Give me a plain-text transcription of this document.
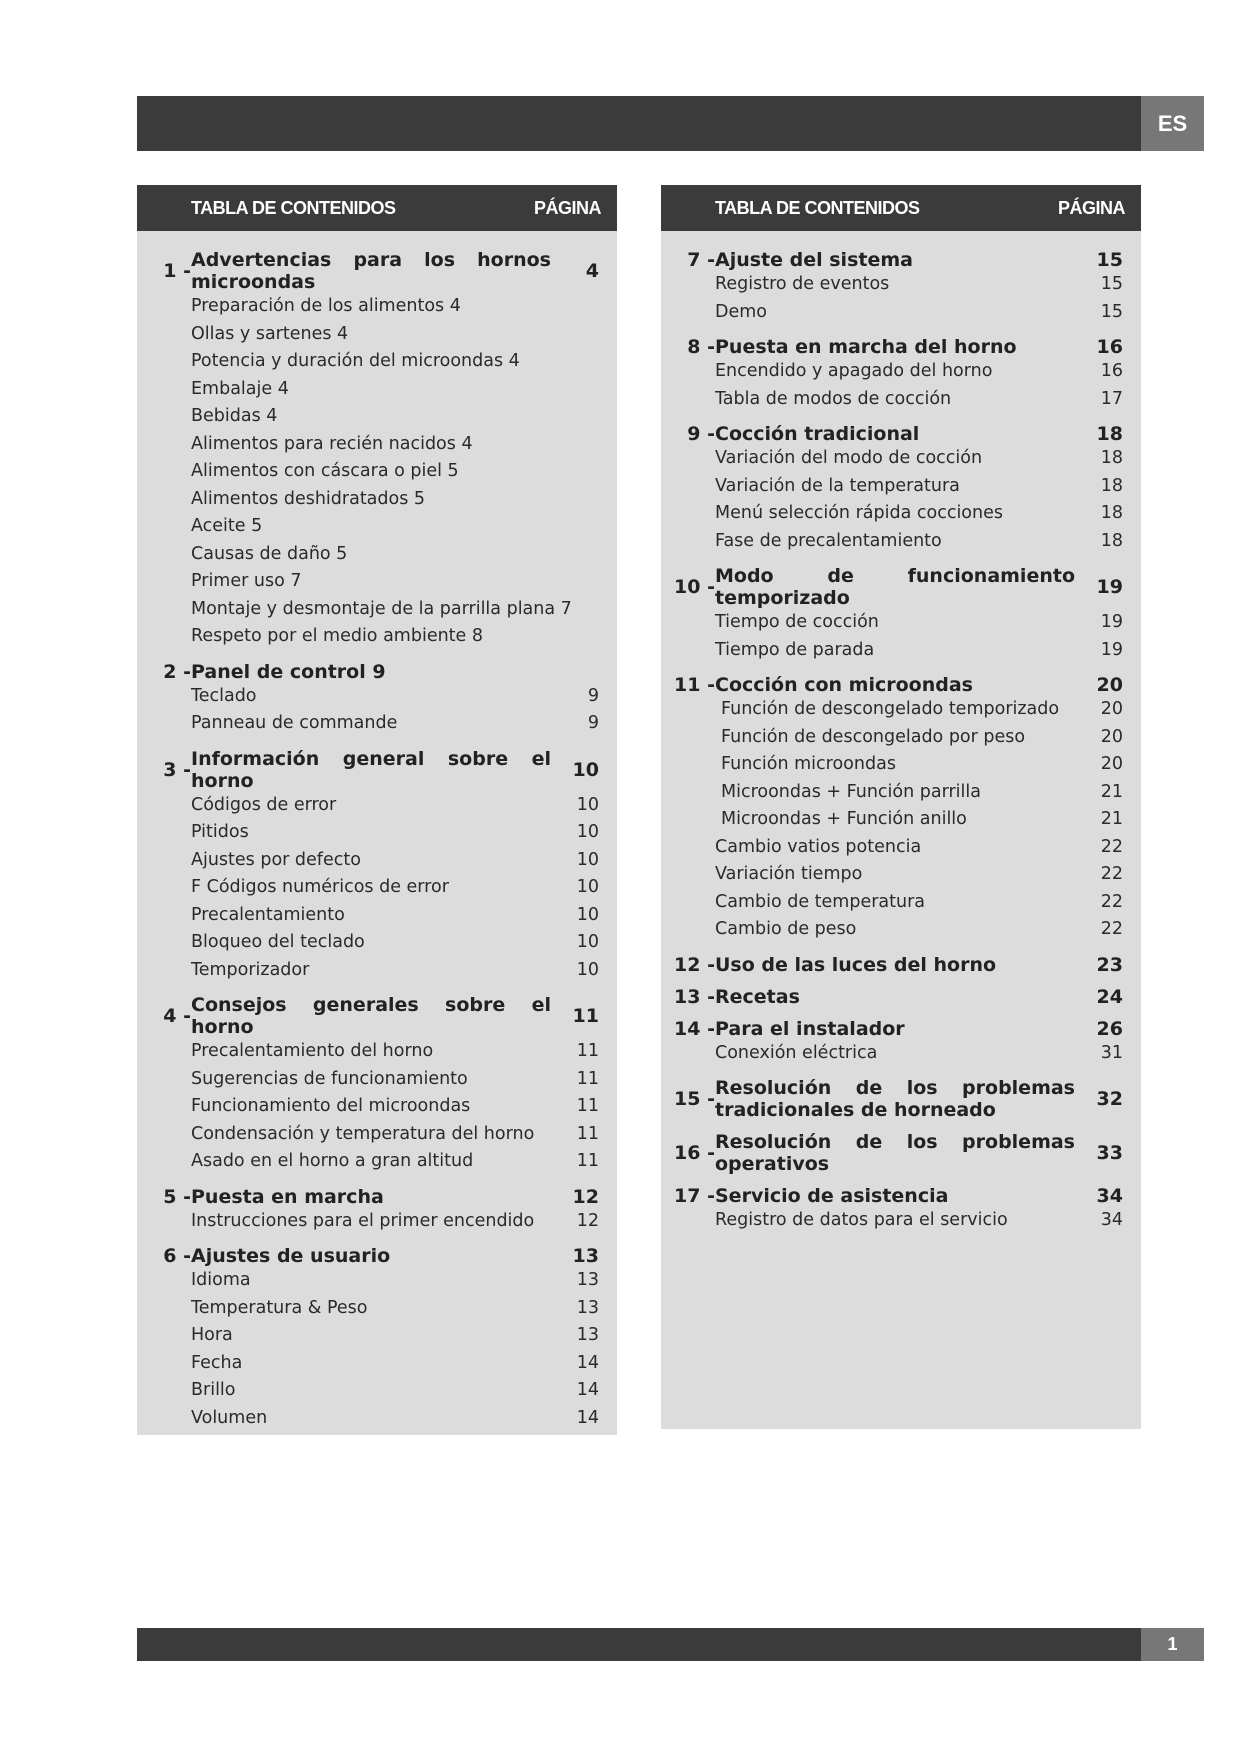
ES
TABLA DE CONTENIDOS	PÁGINA
1 - Advertencias para los hornos microondas	4
Preparación de los alimentos 4
Ollas y sartenes 4
Potencia y duración del microondas 4
Embalaje 4
Bebidas 4
Alimentos para recién nacidos 4
Alimentos con cáscara o piel 5
Alimentos deshidratados 5
Aceite 5
Causas de daño 5
Primer uso 7
Montaje y desmontaje de la parrilla plana 7
Respeto por el medio ambiente 8
2 - Panel de control 9
Teclado	9
Panneau de commande	9
3 - Información general sobre el horno	10
Códigos de error	10
Pitidos	10
Ajustes por defecto	10
F Códigos numéricos de error	10
Precalentamiento	10
Bloqueo del teclado	10
Temporizador	10
4 - Consejos generales sobre el horno	11
Precalentamiento del horno	11
Sugerencias de funcionamiento	11
Funcionamiento del microondas	11
Condensación y temperatura del horno	11
Asado en el horno a gran altitud	11
5 - Puesta en marcha	12
Instrucciones para el primer encendido	12
6 - Ajustes de usuario	13
Idioma	13
Temperatura & Peso	13
Hora	13
Fecha	14
Brillo	14
Volumen	14
TABLA DE CONTENIDOS	PÁGINA
7 - Ajuste del sistema	15
Registro de eventos	15
Demo	15
8 - Puesta en marcha del horno	16
Encendido y apagado del horno	16
Tabla de modos de cocción	17
9 - Cocción tradicional	18
Variación del modo de cocción	18
Variación de la temperatura	18
Menú selección rápida cocciones	18
Fase de precalentamiento	18
10 - Modo de funcionamiento temporizado	19
Tiempo de cocción	19
Tiempo de parada	19
11 - Cocción con microondas	20
Función de descongelado temporizado	20
Función de descongelado por peso	20
Función microondas	20
Microondas + Función parrilla	21
Microondas + Función anillo	21
Cambio vatios potencia	22
Variación tiempo	22
Cambio de temperatura	22
Cambio de peso	22
12 - Uso de las luces del horno	23
13 - Recetas	24
14 - Para el instalador	26
Conexión eléctrica	31
15 - Resolución de los problemas tradicionales de horneado	32
16 - Resolución de los problemas operativos	33
17 - Servicio de asistencia	34
Registro de datos para el servicio	34
1
